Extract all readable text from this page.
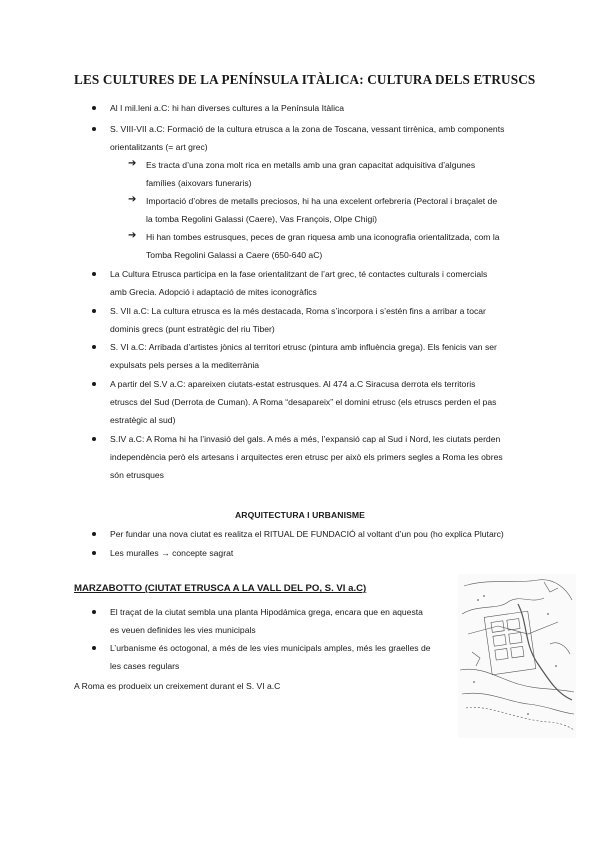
LES CULTURES DE LA PENÍNSULA ITÀLICA: CULTURA DELS ETRUSCS
Al I mil.leni a.C: hi han diverses cultures a la Península Itàlica
S. VIII-VII a.C: Formació de la cultura etrusca a la zona de Toscana, vessant tirrènica, amb components
orientalitzants (= art grec)
➔ Es tracta d’una zona molt rica en metalls amb una gran capacitat adquisitiva d’algunes
famílies (aixovars funeraris)
➔ Importació d’obres de metalls preciosos, hi ha una excelent orfebreria (Pectoral i braçalet de
la tomba Regolini Galassi (Caere), Vas François, Olpe Chigi)
➔ Hi han tombes estrusques, peces de gran riquesa amb una iconografia orientalitzada, com la
Tomba Regolini Galassi a Caere (650-640 aC)
La Cultura Etrusca participa en la fase orientalitzant de l’art grec, té contactes culturals i comercials
amb Grecia. Adopció i adaptació de mites iconogràfics
S. VII a.C: La cultura etrusca es la més destacada, Roma s’incorpora i s’estén fins a arribar a tocar
dominis grecs (punt estratègic del riu Tiber)
S. VI a.C: Arribada d’artistes jònics al territori etrusc (pintura amb influència grega). Els fenicis van ser
expulsats pels perses a la mediterrània
A partir del S.V a.C: apareixen ciutats-estat estrusques. Al 474 a.C Siracusa derrota els territoris
etruscs del Sud (Derrota de Cuman). A Roma “desapareix” el domini etrusc (els etruscs perden el pas
estratègic al sud)
S.IV a.C: A Roma hi ha l’invasió del gals. A més a més, l’expansió cap al Sud i Nord, les ciutats perden
independència però els artesans i arquitectes eren etrusc per això els primers segles a Roma les obres
són etrusques
ARQUITECTURA I URBANISME
Per fundar una nova ciutat es realitza el RITUAL DE FUNDACIÓ al voltant d’un pou (ho explica Plutarc)
Les muralles → concepte sagrat
MARZABOTTO (CIUTAT ETRUSCA A LA VALL DEL PO, S. VI a.C)
El traçat de la ciutat sembla una planta Hipodámica grega, encara que en aquesta
es veuen definides les vies municipals
L’urbanisme és octogonal, a més de les vies municipals amples, més les graelles de
les cases regulars
A Roma es produeix un creixement durant el S. VI a.C
